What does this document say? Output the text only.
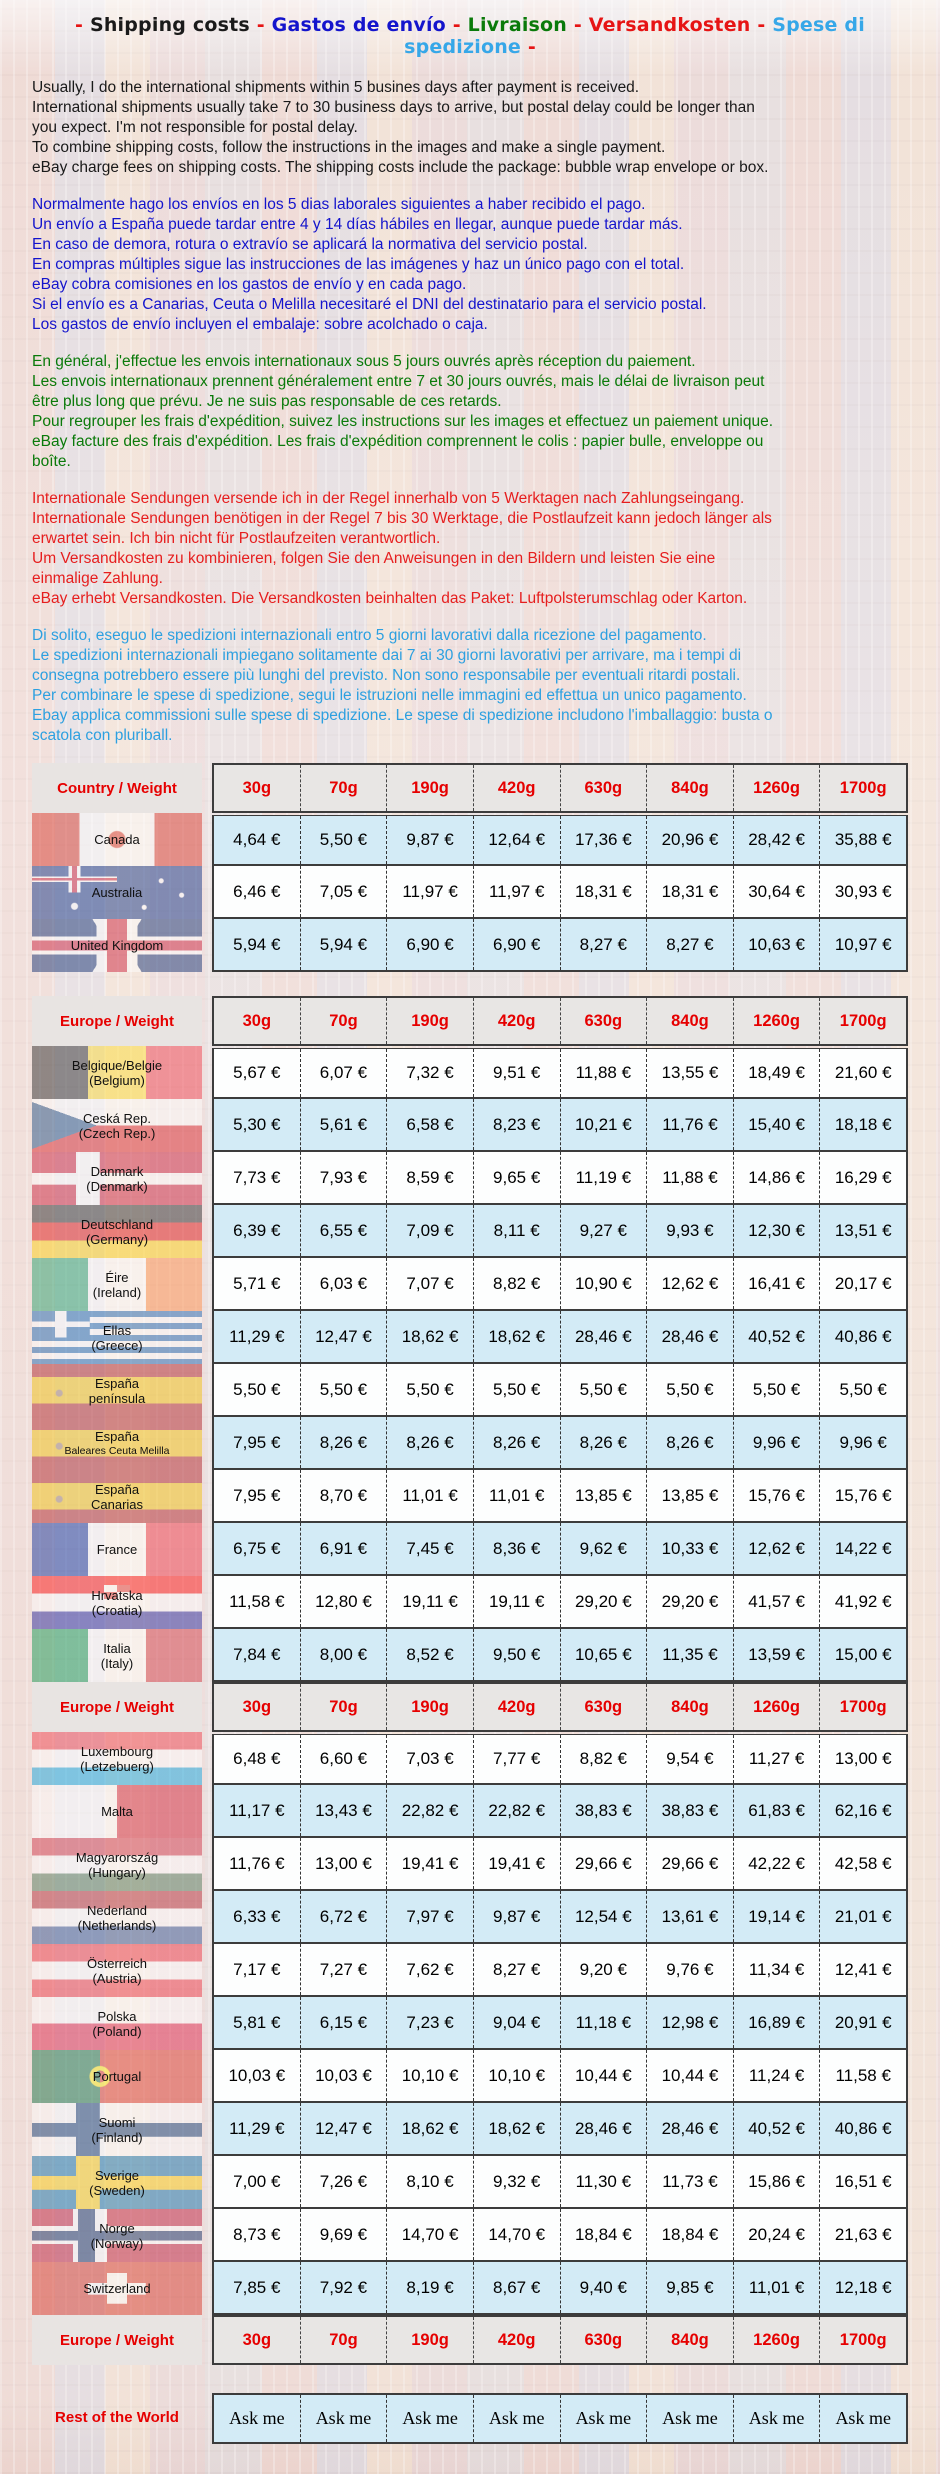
- Shipping costs - Gastos de envío - Livraison - Versandkosten - Spese di spedizione -
Usually, I do the international shipments within 5 busines days after payment is received.
International shipments usually take 7 to 30 business days to arrive, but postal delay could be longer than
you expect. I'm not responsible for postal delay.
To combine shipping costs, follow the instructions in the images and make a single payment.
eBay charge fees on shipping costs. The shipping costs include the package: bubble wrap envelope or box.
Normalmente hago los envíos en los 5 dias laborales siguientes a haber recibido el pago.
Un envío a España puede tardar entre 4 y 14 días hábiles en llegar, aunque puede tardar más.
En caso de demora, rotura o extravío se aplicará la normativa del servicio postal.
En compras múltiples sigue las instrucciones de las imágenes y haz un único pago con el total.
eBay cobra comisiones en los gastos de envío y en cada pago.
Si el envío es a Canarias, Ceuta o Melilla necesitaré el DNI del destinatario para el servicio postal.
Los gastos de envío incluyen el embalaje: sobre acolchado o caja.
En général, j'effectue les envois internationaux sous 5 jours ouvrés après réception du paiement.
Les envois internationaux prennent généralement entre 7 et 30 jours ouvrés, mais le délai de livraison peut
être plus long que prévu. Je ne suis pas responsable de ces retards.
Pour regrouper les frais d'expédition, suivez les instructions sur les images et effectuez un paiement unique.
eBay facture des frais d'expédition. Les frais d'expédition comprennent le colis : papier bulle, enveloppe ou
boîte.
Internationale Sendungen versende ich in der Regel innerhalb von 5 Werktagen nach Zahlungseingang.
Internationale Sendungen benötigen in der Regel 7 bis 30 Werktage, die Postlaufzeit kann jedoch länger als
erwartet sein. Ich bin nicht für Postlaufzeiten verantwortlich.
Um Versandkosten zu kombinieren, folgen Sie den Anweisungen in den Bildern und leisten Sie eine
einmalige Zahlung.
eBay erhebt Versandkosten. Die Versandkosten beinhalten das Paket: Luftpolsterumschlag oder Karton.
Di solito, eseguo le spedizioni internazionali entro 5 giorni lavorativi dalla ricezione del pagamento.
Le spedizioni internazionali impiegano solitamente dai 7 ai 30 giorni lavorativi per arrivare, ma i tempi di
consegna potrebbero essere più lunghi del previsto. Non sono responsabile per eventuali ritardi postali.
Per combinare le spese di spedizione, segui le istruzioni nelle immagini ed effettua un unico pagamento.
Ebay applica commissioni sulle spese di spedizione. Le spese di spedizione includono l'imballaggio: busta o
scatola con pluriball.
Country / Weight	30g	70g	190g	420g	630g	840g	1260g	1700g
Canada	4,64 €	5,50 €	9,87 €	12,64 €	17,36 €	20,96 €	28,42 €	35,88 €
Australia	6,46 €	7,05 €	11,97 €	11,97 €	18,31 €	18,31 €	30,64 €	30,93 €
United Kingdom	5,94 €	5,94 €	6,90 €	6,90 €	8,27 €	8,27 €	10,63 €	10,97 €
Europe / Weight	30g	70g	190g	420g	630g	840g	1260g	1700g
Belgique/Belgie
(Belgium)	5,67 €	6,07 €	7,32 €	9,51 €	11,88 €	13,55 €	18,49 €	21,60 €
Ceská Rep.
(Czech Rep.)	5,30 €	5,61 €	6,58 €	8,23 €	10,21 €	11,76 €	15,40 €	18,18 €
Danmark
(Denmark)	7,73 €	7,93 €	8,59 €	9,65 €	11,19 €	11,88 €	14,86 €	16,29 €
Deutschland
(Germany)	6,39 €	6,55 €	7,09 €	8,11 €	9,27 €	9,93 €	12,30 €	13,51 €
Éire
(Ireland)	5,71 €	6,03 €	7,07 €	8,82 €	10,90 €	12,62 €	16,41 €	20,17 €
Ellas
(Greece)	11,29 €	12,47 €	18,62 €	18,62 €	28,46 €	28,46 €	40,52 €	40,86 €
España
península	5,50 €	5,50 €	5,50 €	5,50 €	5,50 €	5,50 €	5,50 €	5,50 €
España
Baleares Ceuta Melilla	7,95 €	8,26 €	8,26 €	8,26 €	8,26 €	8,26 €	9,96 €	9,96 €
España
Canarias	7,95 €	8,70 €	11,01 €	11,01 €	13,85 €	13,85 €	15,76 €	15,76 €
France	6,75 €	6,91 €	7,45 €	8,36 €	9,62 €	10,33 €	12,62 €	14,22 €
Hrvatska
(Croatia)	11,58 €	12,80 €	19,11 €	19,11 €	29,20 €	29,20 €	41,57 €	41,92 €
Italia
(Italy)	7,84 €	8,00 €	8,52 €	9,50 €	10,65 €	11,35 €	13,59 €	15,00 €
Europe / Weight	30g	70g	190g	420g	630g	840g	1260g	1700g
Luxembourg
(Letzebuerg)	6,48 €	6,60 €	7,03 €	7,77 €	8,82 €	9,54 €	11,27 €	13,00 €
Malta	11,17 €	13,43 €	22,82 €	22,82 €	38,83 €	38,83 €	61,83 €	62,16 €
Magyarország
(Hungary)	11,76 €	13,00 €	19,41 €	19,41 €	29,66 €	29,66 €	42,22 €	42,58 €
Nederland
(Netherlands)	6,33 €	6,72 €	7,97 €	9,87 €	12,54 €	13,61 €	19,14 €	21,01 €
Österreich
(Austria)	7,17 €	7,27 €	7,62 €	8,27 €	9,20 €	9,76 €	11,34 €	12,41 €
Polska
(Poland)	5,81 €	6,15 €	7,23 €	9,04 €	11,18 €	12,98 €	16,89 €	20,91 €
Portugal	10,03 €	10,03 €	10,10 €	10,10 €	10,44 €	10,44 €	11,24 €	11,58 €
Suomi
(Finland)	11,29 €	12,47 €	18,62 €	18,62 €	28,46 €	28,46 €	40,52 €	40,86 €
Sverige
(Sweden)	7,00 €	7,26 €	8,10 €	9,32 €	11,30 €	11,73 €	15,86 €	16,51 €
Norge
(Norway)	8,73 €	9,69 €	14,70 €	14,70 €	18,84 €	18,84 €	20,24 €	21,63 €
Switzerland	7,85 €	7,92 €	8,19 €	8,67 €	9,40 €	9,85 €	11,01 €	12,18 €
Europe / Weight	30g	70g	190g	420g	630g	840g	1260g	1700g
Rest of the World	Ask me	Ask me	Ask me	Ask me	Ask me	Ask me	Ask me	Ask me
